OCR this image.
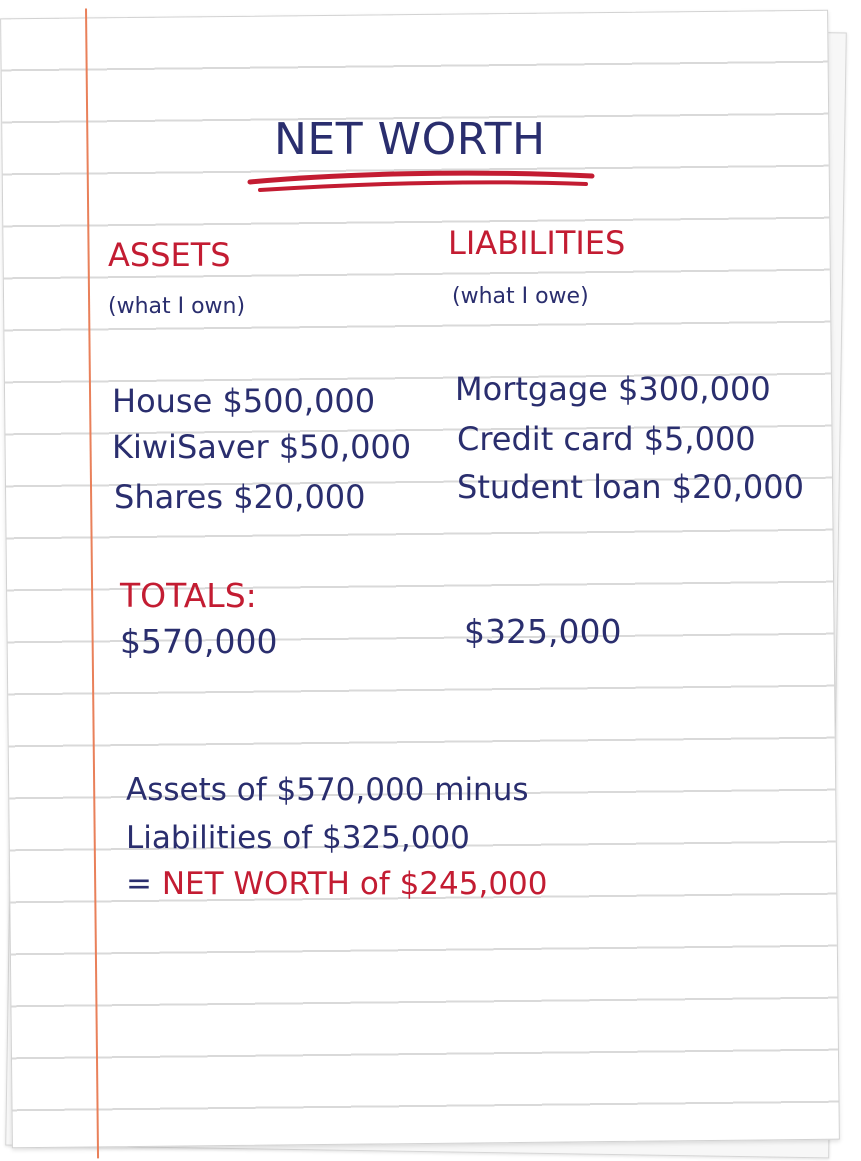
NET WORTH
ASSETS
(what I own)
LIABILITIES
(what I owe)
House $500,000
KiwiSaver $50,000
Shares $20,000
Mortgage $300,000
Credit card $5,000
Student loan $20,000
TOTALS:
$570,000	$325,000
Assets of $570,000 minus
Liabilities of $325,000
= NET WORTH of $245,000
